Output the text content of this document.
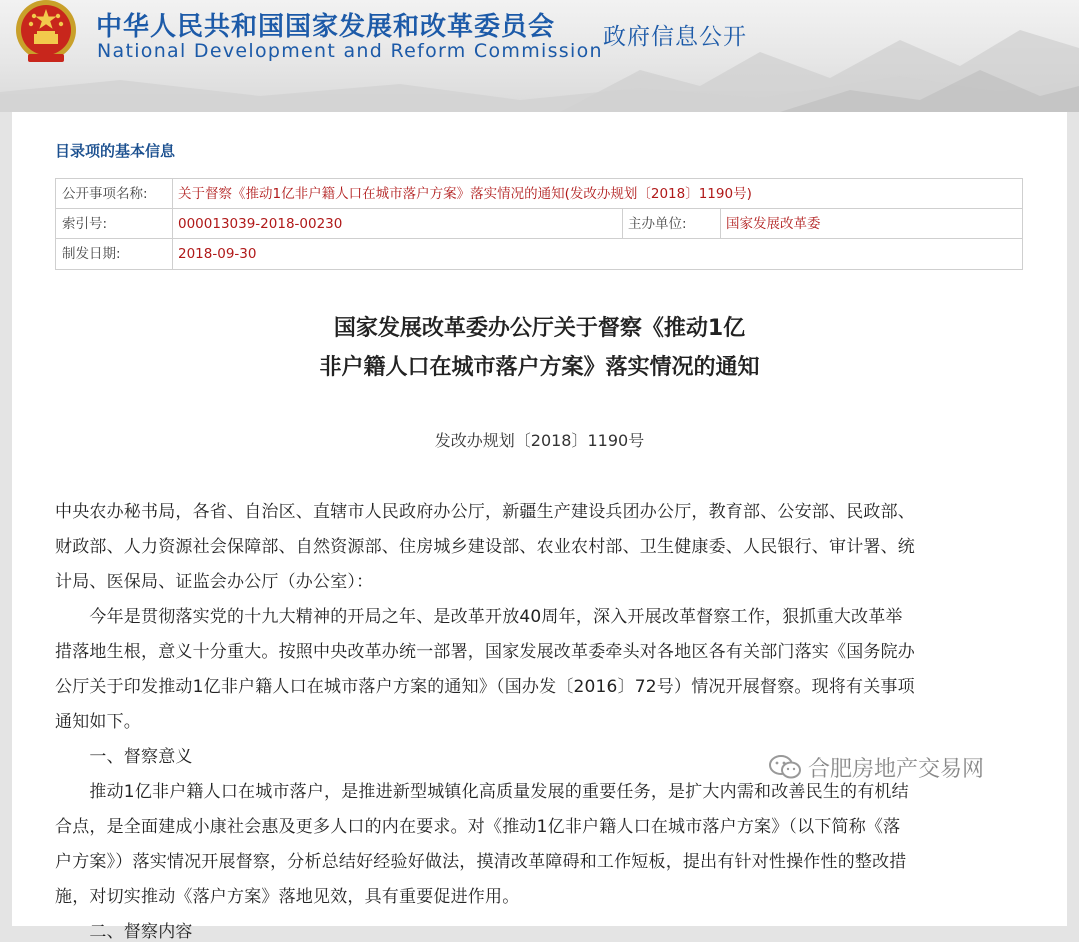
中华人民共和国国家发展和改革委员会
National Development and Reform Commission
政府信息公开
目录项的基本信息
公开事项名称:	关于督察《推动1亿非户籍人口在城市落户方案》落实情况的通知(发改办规划〔2018〕1190号)
索引号:	000013039-2018-00230	主办单位:	国家发展改革委
制发日期:	2018-09-30
国家发展改革委办公厅关于督察《推动1亿
非户籍人口在城市落户方案》落实情况的通知
发改办规划〔2018〕1190号
中央农办秘书局，各省、自治区、直辖市人民政府办公厅，新疆生产建设兵团办公厅，教育部、公安部、民政部、
财政部、人力资源社会保障部、自然资源部、住房城乡建设部、农业农村部、卫生健康委、人民银行、审计署、统
计局、医保局、证监会办公厅（办公室）：
　　今年是贯彻落实党的十九大精神的开局之年、是改革开放40周年，深入开展改革督察工作，狠抓重大改革举
措落地生根，意义十分重大。按照中央改革办统一部署，国家发展改革委牵头对各地区各有关部门落实《国务院办
公厅关于印发推动1亿非户籍人口在城市落户方案的通知》（国办发〔2016〕72号）情况开展督察。现将有关事项
通知如下。
　　一、督察意义
　　推动1亿非户籍人口在城市落户，是推进新型城镇化高质量发展的重要任务，是扩大内需和改善民生的有机结
合点，是全面建成小康社会惠及更多人口的内在要求。对《推动1亿非户籍人口在城市落户方案》（以下简称《落
户方案》）落实情况开展督察，分析总结好经验好做法，摸清改革障碍和工作短板，提出有针对性操作性的整改措
施，对切实推动《落户方案》落地见效，具有重要促进作用。
　　二、督察内容
合肥房地产交易网
